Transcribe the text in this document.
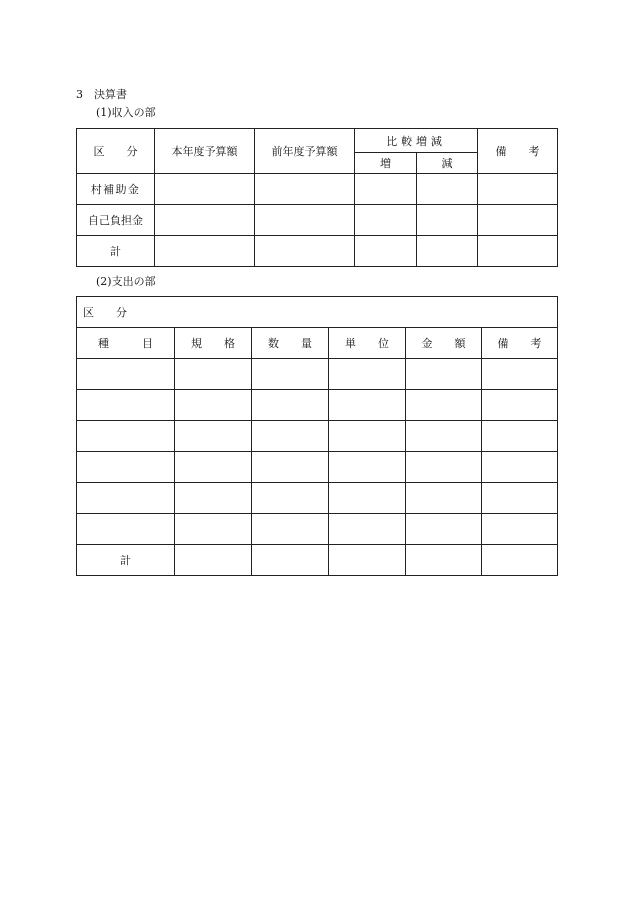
3　決算書
(1)収入の部
区　　分	本年度予算額	前年度予算額	比較増減		備　　考
			増	減	
村補助金					
自己負担金					
計					
(2)支出の部
区　　分					
種　　　目	規　　格	数　　量	単　　位	金　　額	備　　考

計					
